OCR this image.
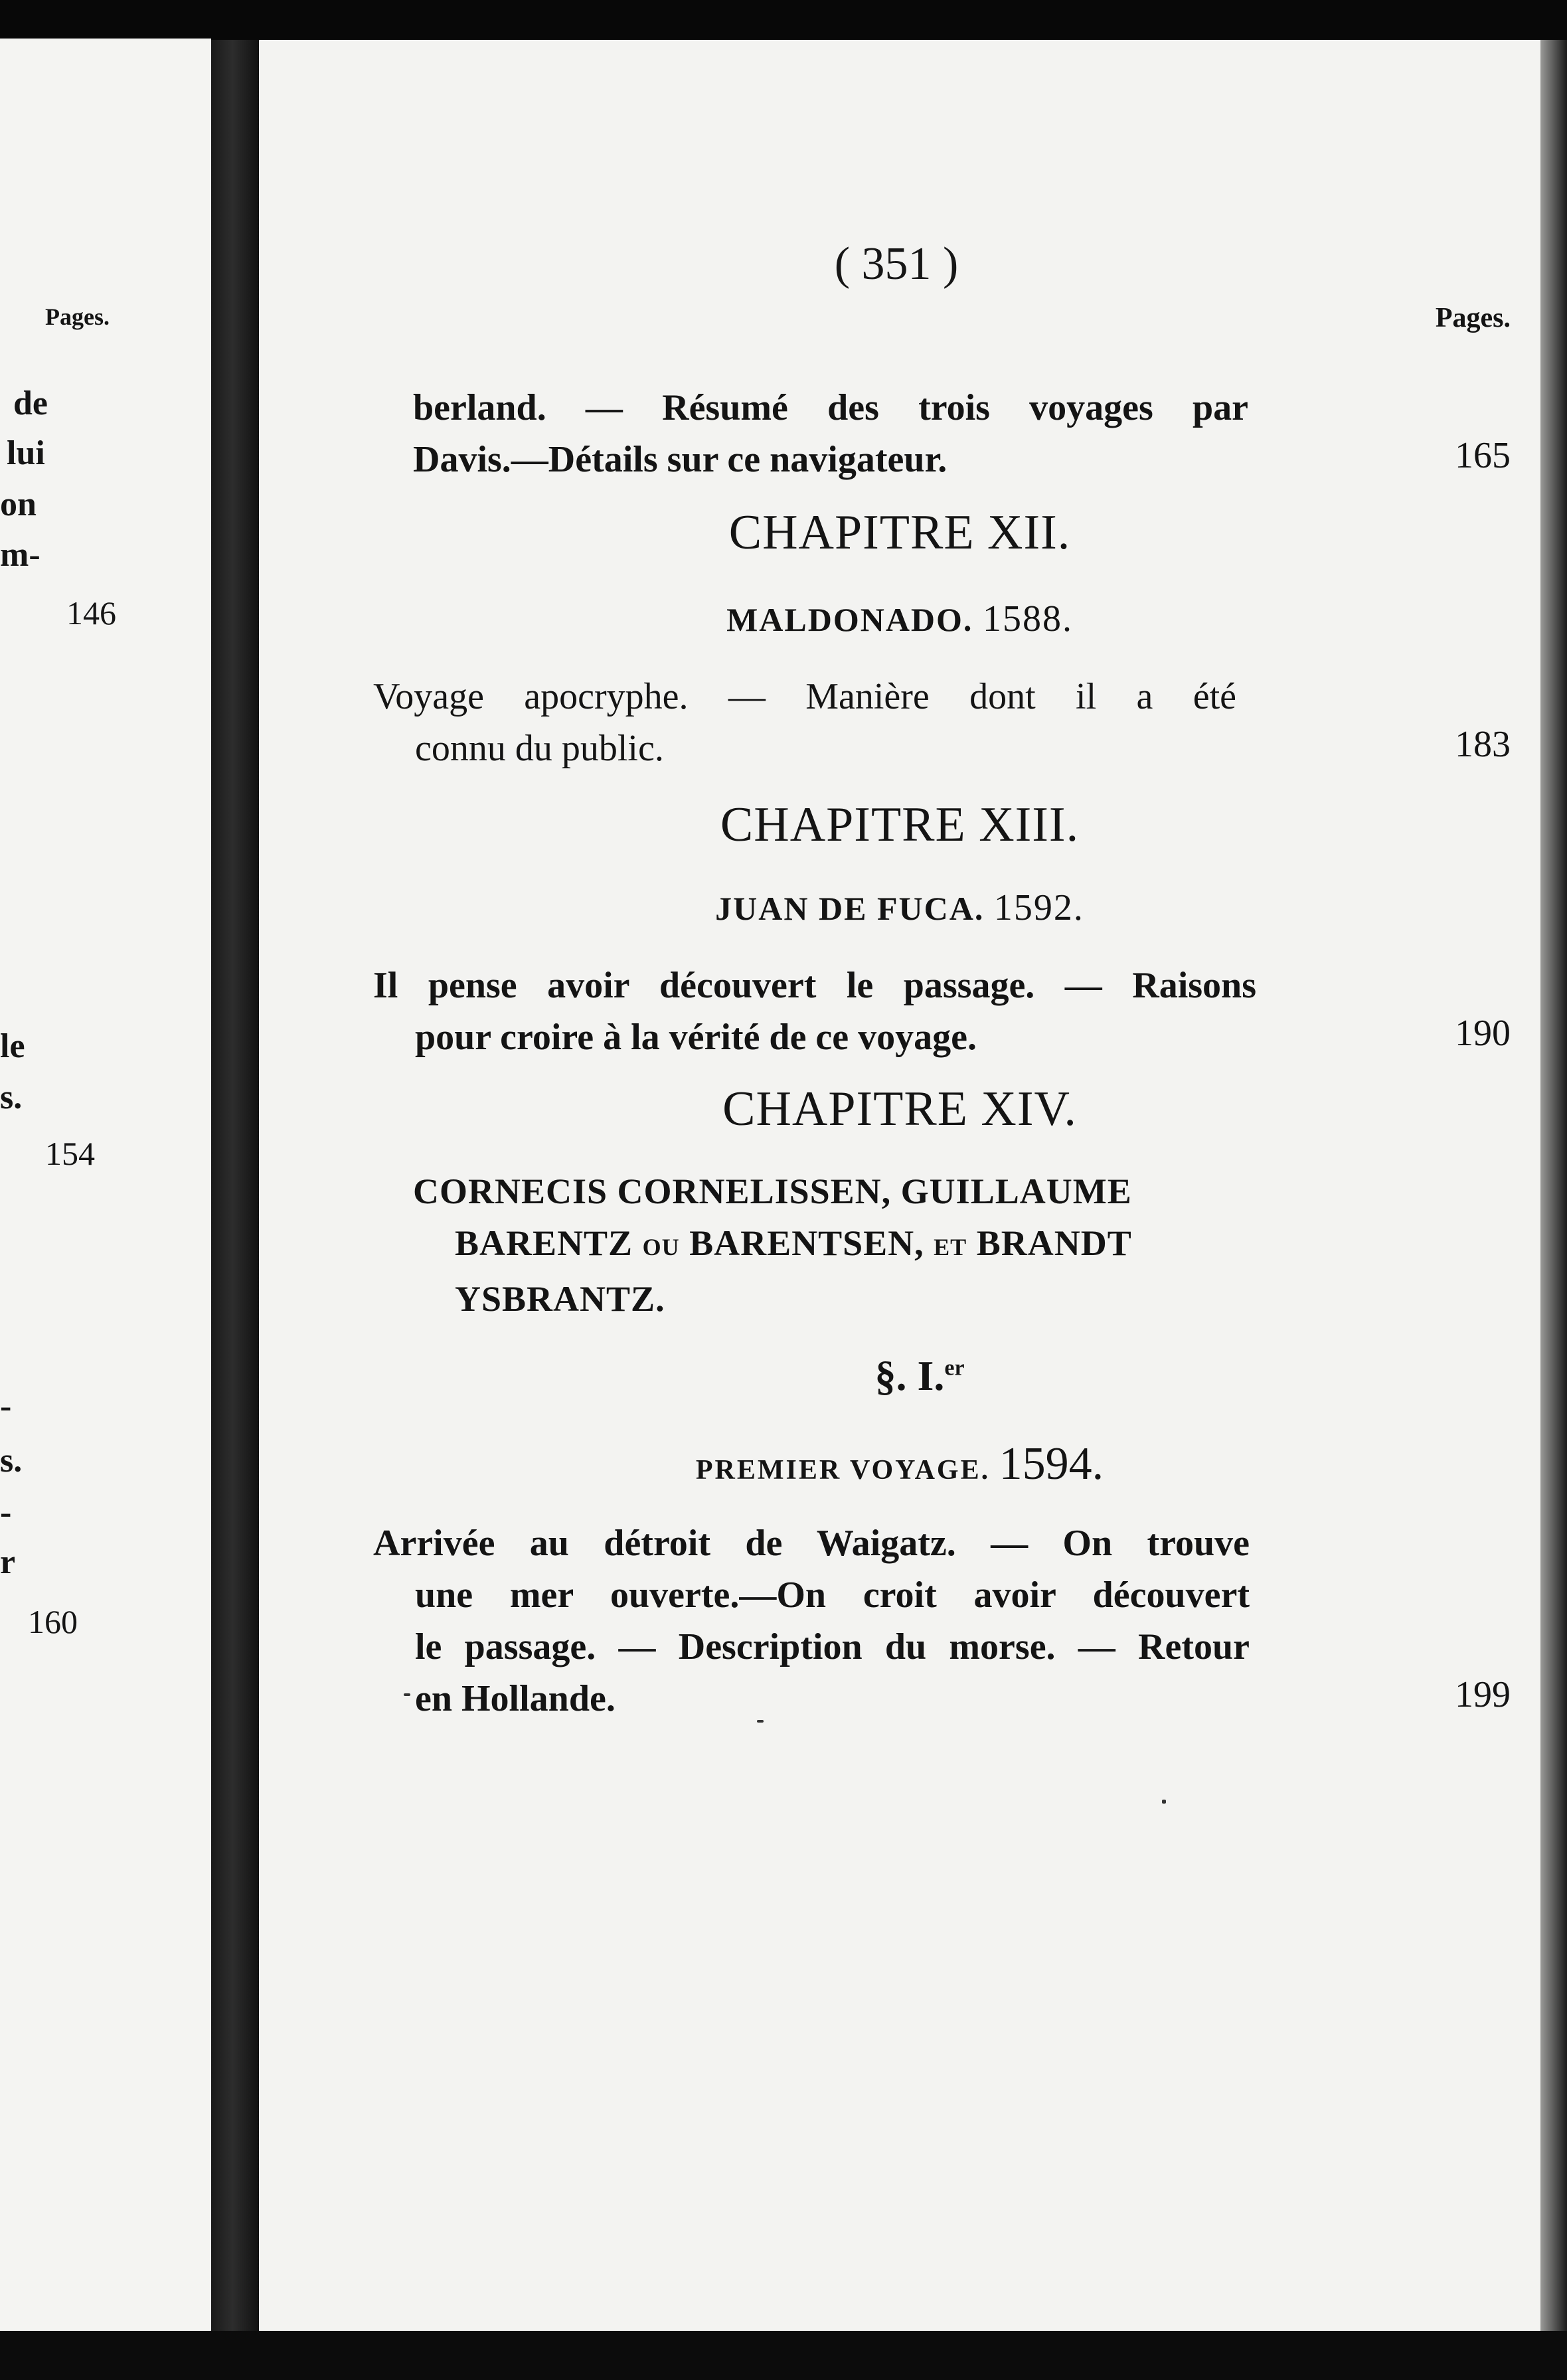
Pages.
de
lui
on
m-
146
le
s.
154
-
s.
-
r
160
( 351 )
Pages.
berland. — Résumé des trois voyages par
Davis.—Détails sur ce navigateur.	165
CHAPITRE XII.
MALDONADO. 1588.
Voyage apocryphe. — Manière dont il a été
connu du public.	183
CHAPITRE XIII.
JUAN DE FUCA. 1592.
Il pense avoir découvert le passage. — Raisons
pour croire à la vérité de ce voyage.	190
CHAPITRE XIV.
CORNECIS CORNELISSEN, GUILLAUME
BARENTZ OU BARENTSEN, ET BRANDT
YSBRANTZ.
§. I.$^{er}$
PREMIER VOYAGE. 1594.
Arrivée au détroit de Waigatz. — On trouve
une mer ouverte.—On croit avoir découvert
le passage. — Description du morse. — Retour
en Hollande.	199
